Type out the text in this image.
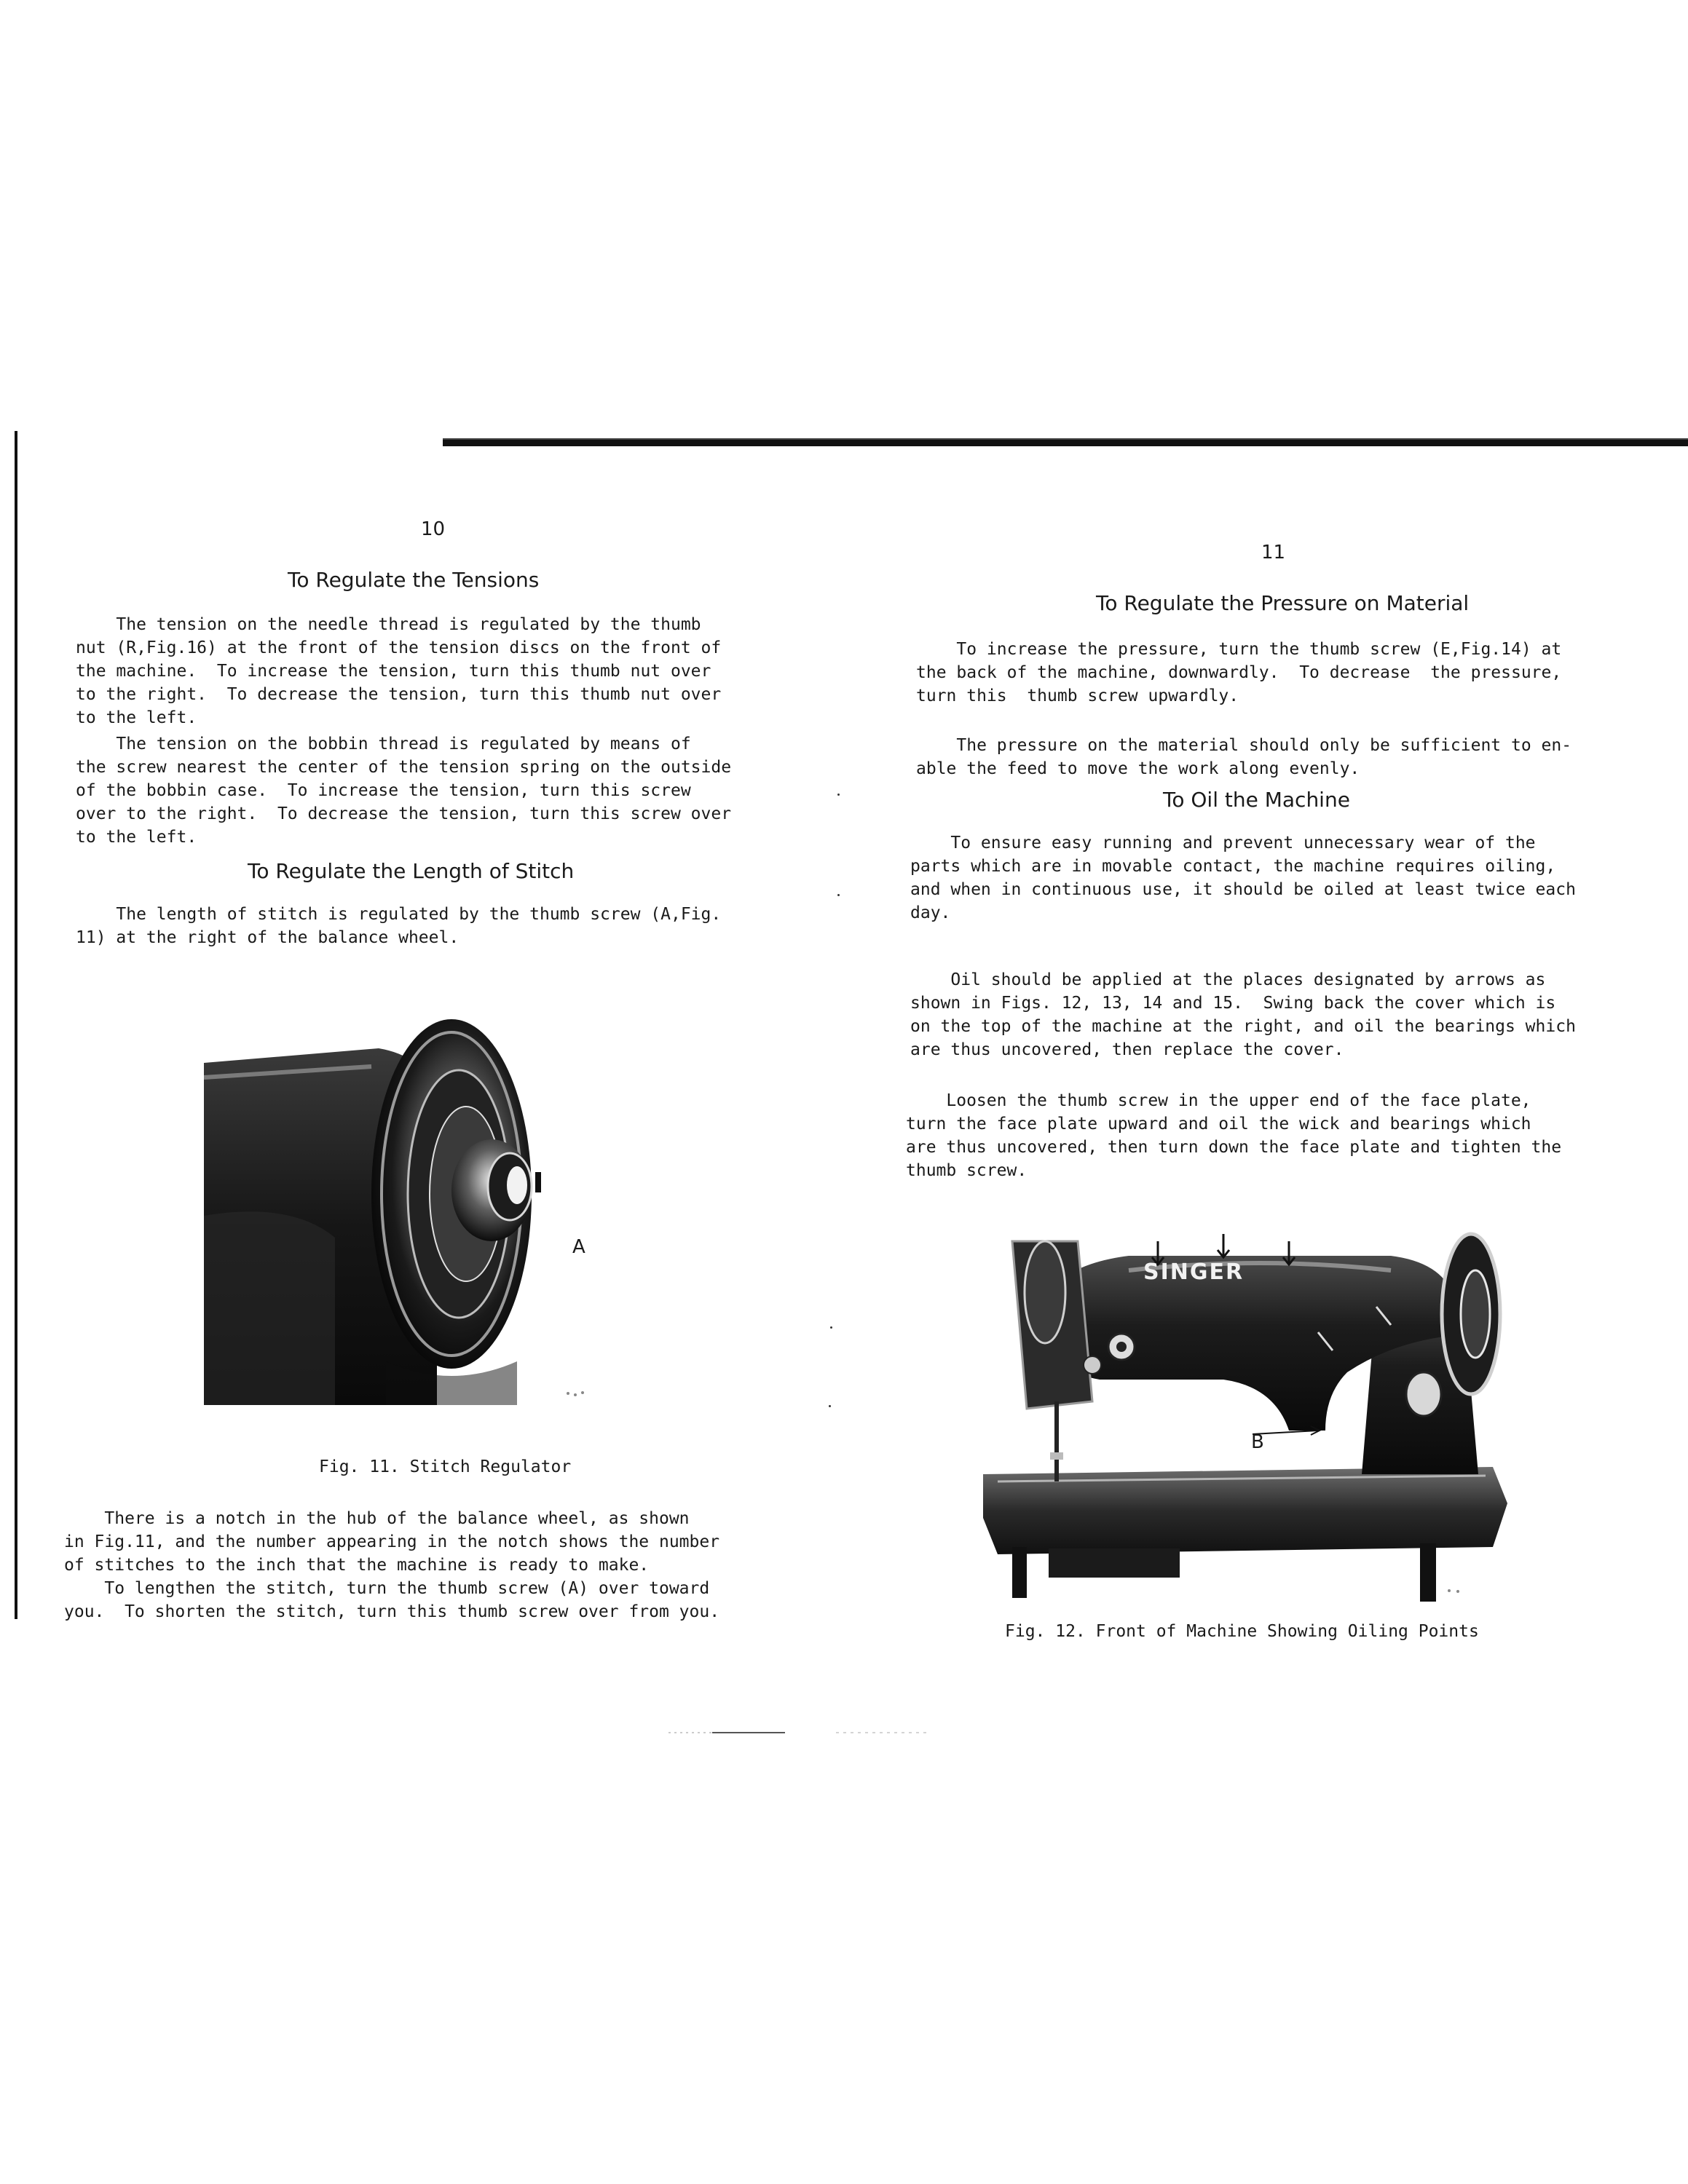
10
To Regulate the Tensions
The tension on the needle thread is regulated by the thumb
nut (R,Fig.16) at the front of the tension discs on the front of
the machine.  To increase the tension, turn this thumb nut over
to the right.  To decrease the tension, turn this thumb nut over
to the left.
The tension on the bobbin thread is regulated by means of
the screw nearest the center of the tension spring on the outside
of the bobbin case.  To increase the tension, turn this screw
over to the right.  To decrease the tension, turn this screw over
to the left.
To Regulate the Length of Stitch
The length of stitch is regulated by the thumb screw (A,Fig.
11) at the right of the balance wheel.
A
Fig. 11. Stitch Regulator
There is a notch in the hub of the balance wheel, as shown
in Fig.11, and the number appearing in the notch shows the number
of stitches to the inch that the machine is ready to make.
To lengthen the stitch, turn the thumb screw (A) over toward
you.  To shorten the stitch, turn this thumb screw over from you.
11
To Regulate the Pressure on Material
To increase the pressure, turn the thumb screw (E,Fig.14) at
the back of the machine, downwardly.  To decrease  the pressure,
turn this  thumb screw upwardly.
The pressure on the material should only be sufficient to en-
able the feed to move the work along evenly.
To Oil the Machine
To ensure easy running and prevent unnecessary wear of the
parts which are in movable contact, the machine requires oiling,
and when in continuous use, it should be oiled at least twice each
day.
Oil should be applied at the places designated by arrows as
shown in Figs. 12, 13, 14 and 15.  Swing back the cover which is
on the top of the machine at the right, and oil the bearings which
are thus uncovered, then replace the cover.
Loosen the thumb screw in the upper end of the face plate,
turn the face plate upward and oil the wick and bearings which
are thus uncovered, then turn down the face plate and tighten the
thumb screw.
SINGER
B
Fig. 12. Front of Machine Showing Oiling Points
